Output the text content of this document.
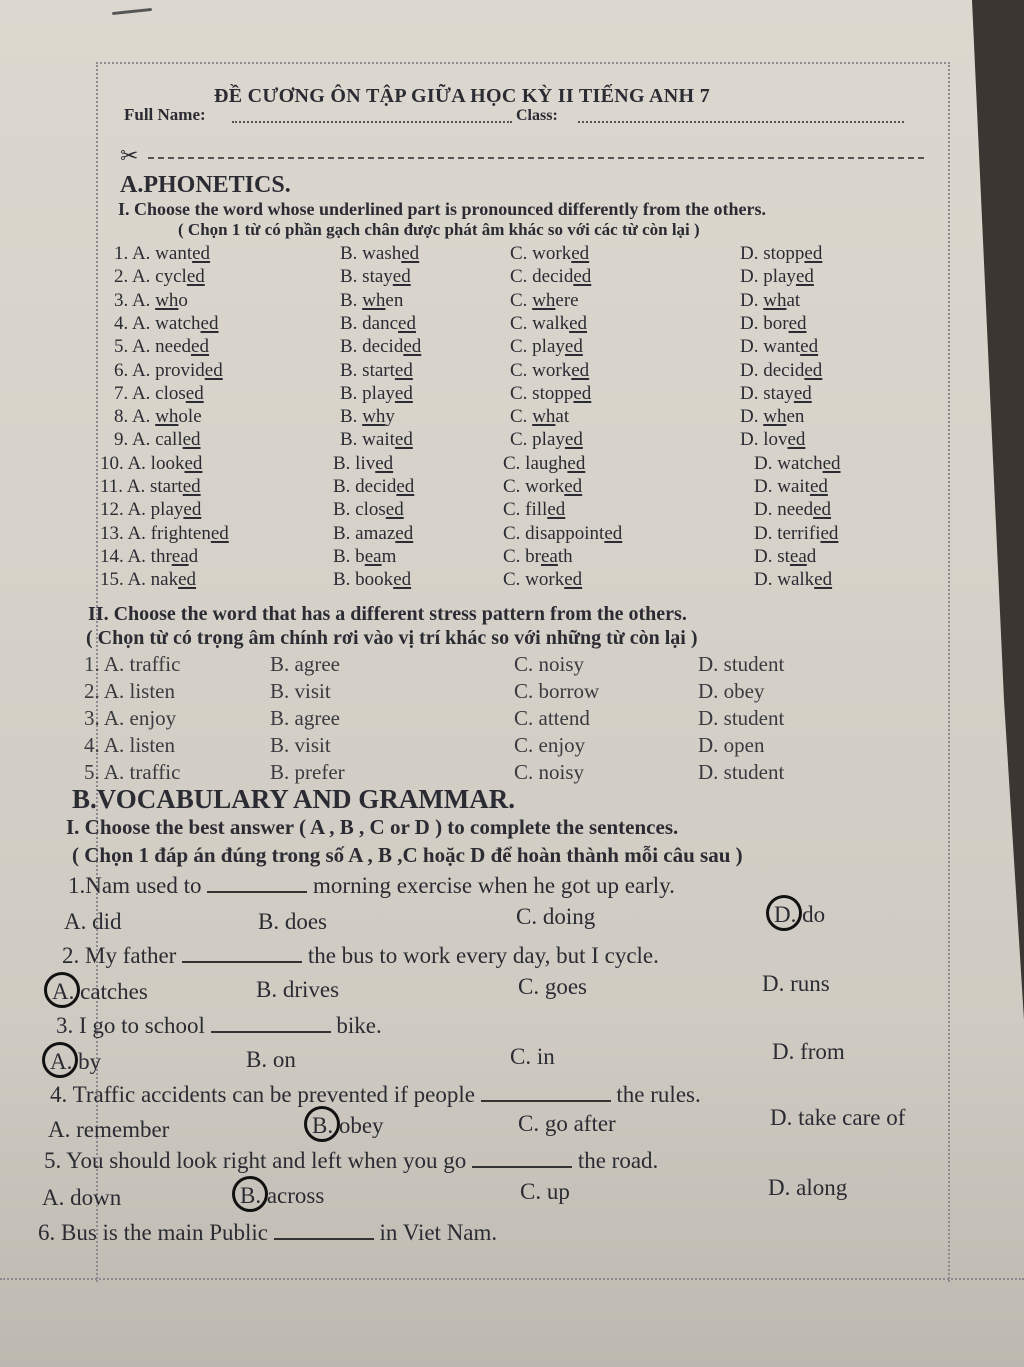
ĐỀ CƯƠNG ÔN TẬP GIỮA HỌC KỲ II TIẾNG ANH 7
Full Name:	Class:
✂
A.PHONETICS.
I. Choose the word whose underlined part is pronounced differently from the others.
( Chọn 1 từ có phần gạch chân được phát âm khác so với các từ còn lại )
1. A. wanted	B. washed	C. worked	D. stopped
2. A. cycled	B. stayed	C. decided	D. played
3. A. who	B. when	C. where	D. what
4. A. watched	B. danced	C. walked	D. bored
5. A. needed	B. decided	C. played	D. wanted
6. A. provided	B. started	C. worked	D. decided
7. A. closed	B. played	C. stopped	D. stayed
8. A. whole	B. why	C. what	D. when
9. A. called	B. waited	C. played	D. loved
10. A. looked	B. lived	C. laughed	D. watched
11. A. started	B. decided	C. worked	D. waited
12. A. played	B. closed	C. filled	D. needed
13. A. frightened	B. amazed	C. disappointed	D. terrified
14. A. thread	B. beam	C. breath	D. stead
15. A. naked	B. booked	C. worked	D. walked
II. Choose the word that has a different stress pattern from the others.
( Chọn từ có trọng âm chính rơi vào vị trí khác so với những từ còn lại )
1. A. traffic	B. agree	C. noisy	D. student
2. A. listen	B. visit	C. borrow	D. obey
3. A. enjoy	B. agree	C. attend	D. student
4. A. listen	B. visit	C. enjoy	D. open
5. A. traffic	B. prefer	C. noisy	D. student
B.VOCABULARY AND GRAMMAR.
I. Choose the best answer ( A , B , C or D ) to complete the sentences.
( Chọn 1 đáp án đúng trong số A , B ,C hoặc D để hoàn thành mỗi câu sau )
1.Nam used to	morning exercise when he got up early.
A. did	B. does	C. doing	D. do
2. My father	the bus to work every day, but I cycle.
A. catches	B. drives	C. goes	D. runs
3. I go to school	bike.
A. by	B. on	C. in	D. from
4. Traffic accidents can be prevented if people	the rules.
A. remember	B. obey	C. go after	D. take care of
5. You should look right and left when you go	the road.
A. down	B. across	C. up	D. along
6. Bus is the main Public	in Viet Nam.
